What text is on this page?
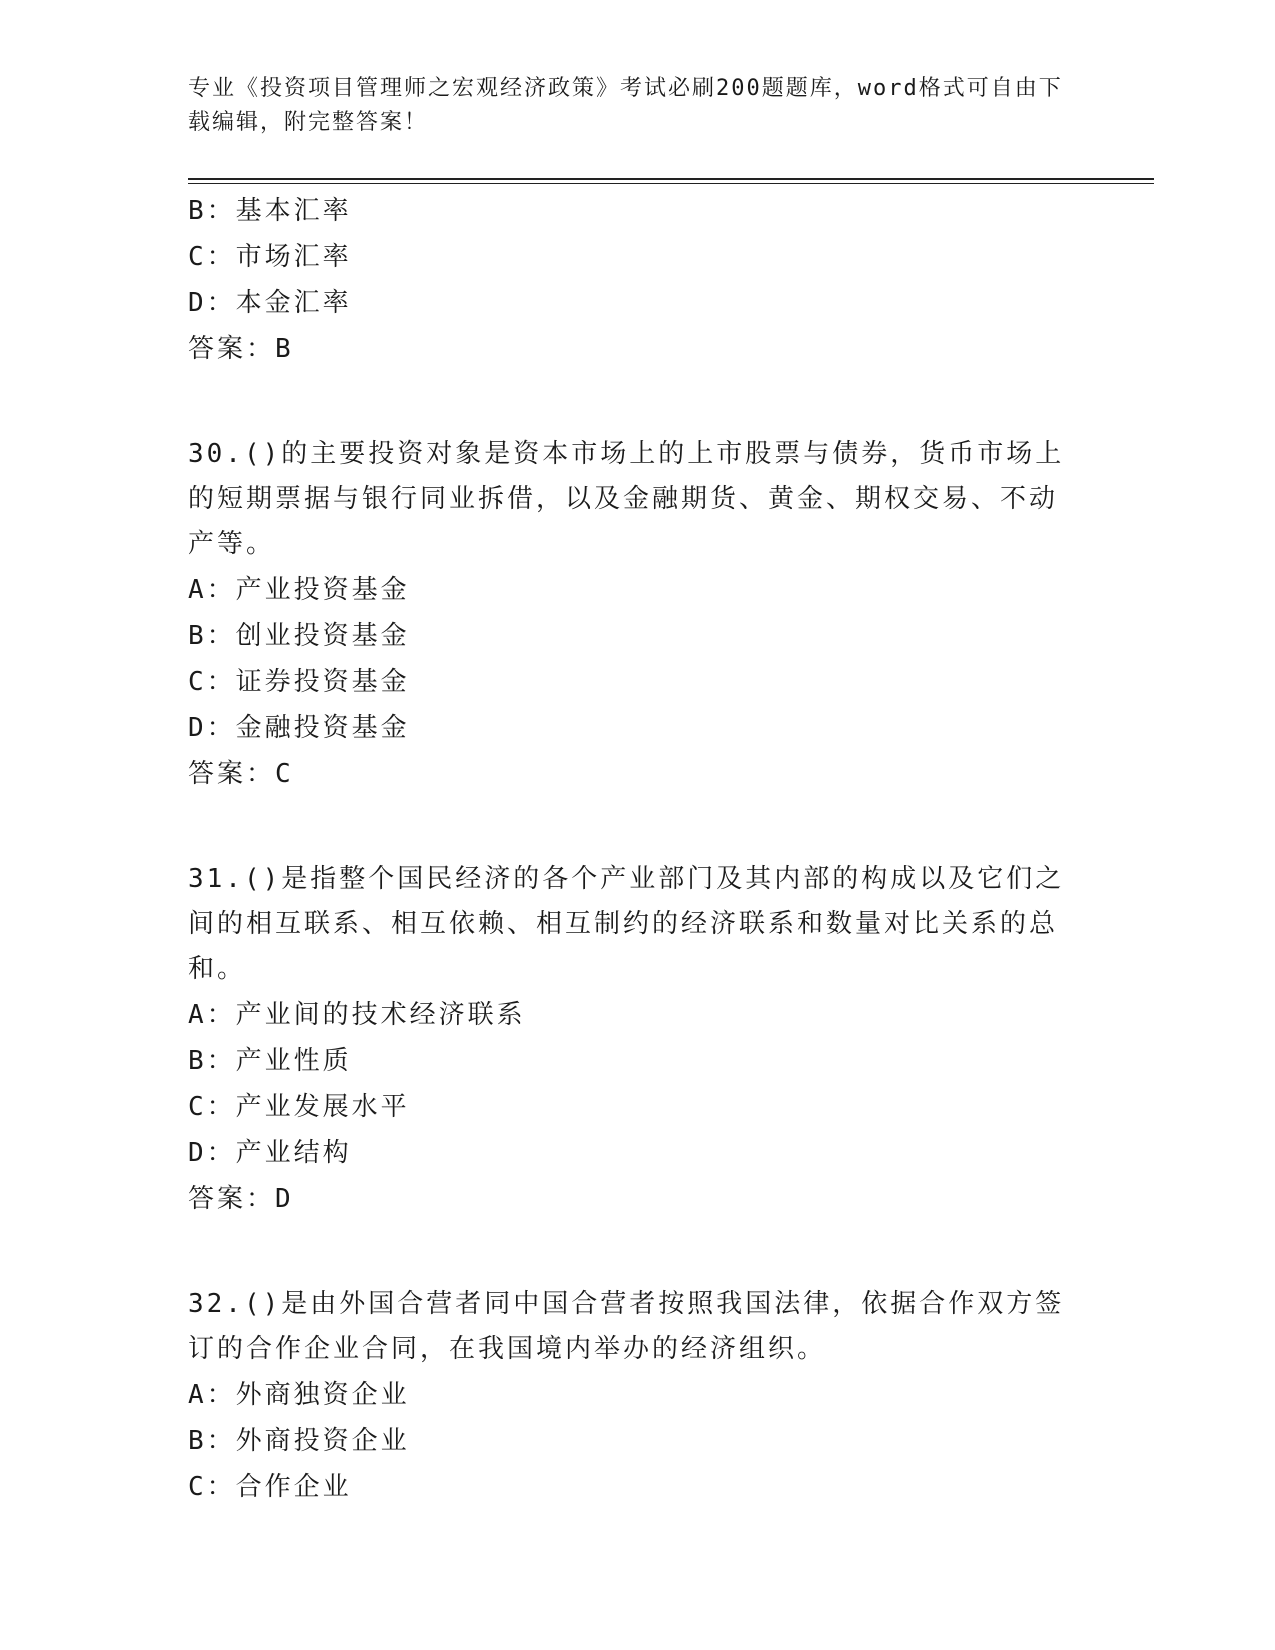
专业《投资项目管理师之宏观经济政策》考试必刷200题题库，word格式可自由下载编辑，附完整答案！
B：基本汇率
C：市场汇率
D：本金汇率
答案：B
30.()的主要投资对象是资本市场上的上市股票与债券，货币市场上的短期票据与银行同业拆借，以及金融期货、黄金、期权交易、不动产等。
A：产业投资基金
B：创业投资基金
C：证券投资基金
D：金融投资基金
答案：C
31.()是指整个国民经济的各个产业部门及其内部的构成以及它们之间的相互联系、相互依赖、相互制约的经济联系和数量对比关系的总和。
A：产业间的技术经济联系
B：产业性质
C：产业发展水平
D：产业结构
答案：D
32.()是由外国合营者同中国合营者按照我国法律，依据合作双方签订的合作企业合同，在我国境内举办的经济组织。
A：外商独资企业
B：外商投资企业
C：合作企业
